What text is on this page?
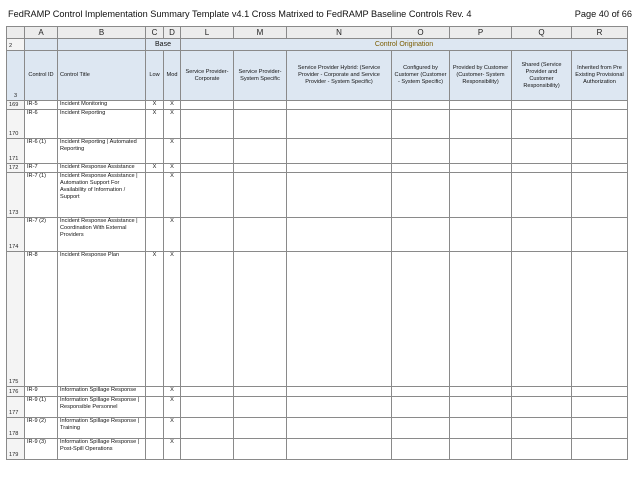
FedRAMP Control Implementation Summary Template v4.1 Cross Matrixed to FedRAMP Baseline Controls Rev. 4	Page 40 of 66
	A	B	C	D	L	M	N	O	P	Q	R
2			Base		Control Origination						
3	Control ID	Control Title	Low	Mod	Service Provider-Corporate	Service Provider-System Specific	Service Provider Hybrid: (Service Provider - Corporate and Service Provider - System Specific)	Configured by Customer (Customer - System Specific)	Provided by Customer (Customer- System Responsibility)	Shared (Service Provider and Customer Responsibility)	Inherited from Pre Existing Provisional Authorization
169	IR-5	Incident Monitoring	X	X							
170	IR-6	Incident Reporting	X	X							
171	IR-6 (1)	Incident Reporting | Automated Reporting		X							
172	IR-7	Incident Response Assistance	X	X							
173	IR-7 (1)	Incident Response Assistance | Automation Support For Availability of Information / Support		X							
174	IR-7 (2)	Incident Response Assistance | Coordination With External Providers		X							
175	IR-8	Incident Response Plan	X	X							
176	IR-9	Information Spillage Response		X							
177	IR-9 (1)	Information Spillage Response | Responsible Personnel		X							
178	IR-9 (2)	Information Spillage Response | Training		X							
179	IR-9 (3)	Information Spillage Response | Post-Spill Operations		X							
